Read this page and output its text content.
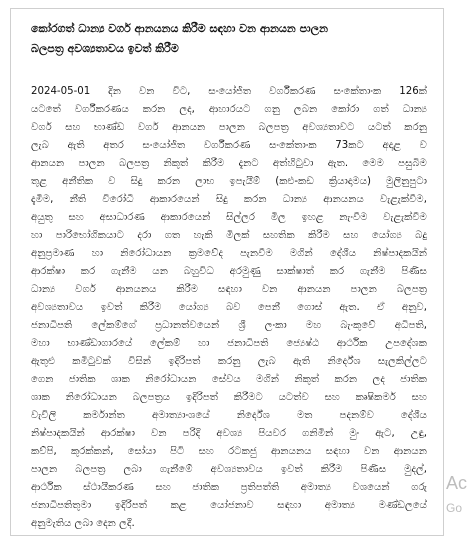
කෝරගත් ධාන්‍ය වර්ග ආනයනය කිරීම සඳහා වන ආනයන පාලන
බලපත්‍ර අවශ්‍යතාවය ඉවත් කිරීම
2024-05-01 දින වන විට, සංයෝජිත වර්ගීකරණ සංකේතාංක 126ක්
යටතේ වර්ගීකරණය කරන ලද, ආහාරයට ගනු ලබන කෝරා ගත් ධාන්‍ය
වර්ග සහ භාණ්ඩ වර්ග ආනයන පාලන බලපත්‍ර අවශ්‍යතාවට යටත් කරනු
ලැබ ඇති අතර සංයෝජිත වර්ගීකරණ සංකේතාංක 73කට අදාළ ව
ආනයන පාලන බලපත්‍ර නිකුත් කිරීම දැනට අත්හිටුවා ඇත. මෙම පසුබිම
තුළ අනීතික ව සිදු කරන ලාභ ඉපැයීම් (කළු-කඩ ක්‍රියාදාමය) මුලිනුපුටා
දැමීම, නීති විරෝධී ආකාරයෙන් සිදු කරන ධාන්‍ය ආනයනය වැළැක්වීම,
අයුතු සහ අසාධාරණ ආකාරයෙන් සිල්ලර මිල ඉහළ නැංවීම වැළැක්වීම
හා පාරිභෝගිකයාට දරා ගත හැකි මිලක් සහතික කිරීම සහ යෝග්‍ය බදු
අනුප්‍රමාණ හා නිරෝධායන ක්‍රමවේද පැනවීම මගින් දේශීය නිෂ්පාදකයින්
ආරක්ෂා කර ගැනීම යන බහුවිධ අරමුණු සාක්ෂාත් කර ගැනීම පිණිස
ධාන්‍ය වර්ග ආනයනය කිරීම සඳහා වන ආනයන පාලන බලපත්‍ර
අවශ්‍යතාවය ඉවත් කිරීම යෝග්‍ය බව පෙනී ගොස් ඇත. ඒ අනුව,
ජනාධිපති ලේකම්ගේ ප්‍රධානත්වයෙන් ශ්‍රී ලංකා මහ බැංකුවේ අධිපති,
මහා භාණ්ඩාගාරයේ ලේකම් හා ජනාධිපති ජ්‍යෙෂ්ඨ ආර්ථික උපදේශක
ඇතුළු කමිටුවක් විසින් ඉදිරිපත් කරනු ලැබ ඇති නිර්දේශ සැලකිල්ලට
ගෙන ජාතික ශාක නිරෝධායන සේවය මගින් නිකුත් කරන ලද ජාතික
ශාක නිරෝධායන බලපත්‍රය ඉදිරිපත් කිරීමට යටත්ව සහ කෘෂිකර්ම සහ
වැවිලි කර්මාන්ත අමාත්‍යාංශයේ නිර්දේශ මත පදනම්ව දේශීය
නිෂ්පාදකයින් ආරක්ෂා වන පරිදි අවශ්‍ය පියවර ගනිමින් මුං ඇට, උඳු,
කව්පි, කුරක්කන්, සෝයා පිටි සහ රටකජු ආනයනය සඳහා වන ආනයන
පාලන බලපත්‍ර ලබා ගැනීමේ අවශ්‍යතාවය ඉවත් කිරීම පිණිස මුදල්,
ආර්ථික ස්ථායීකරණ සහ ජාතික ප්‍රතිපත්ති අමාත්‍ය වශයෙන් ගරු
ජනාධිපතිතුමා ඉදිරිපත් කළ යෝජනාව සඳහා අමාත්‍ය මණ්ඩලයේ
අනුමැතිය ලබා දෙන ලදී.
Ac
Go
